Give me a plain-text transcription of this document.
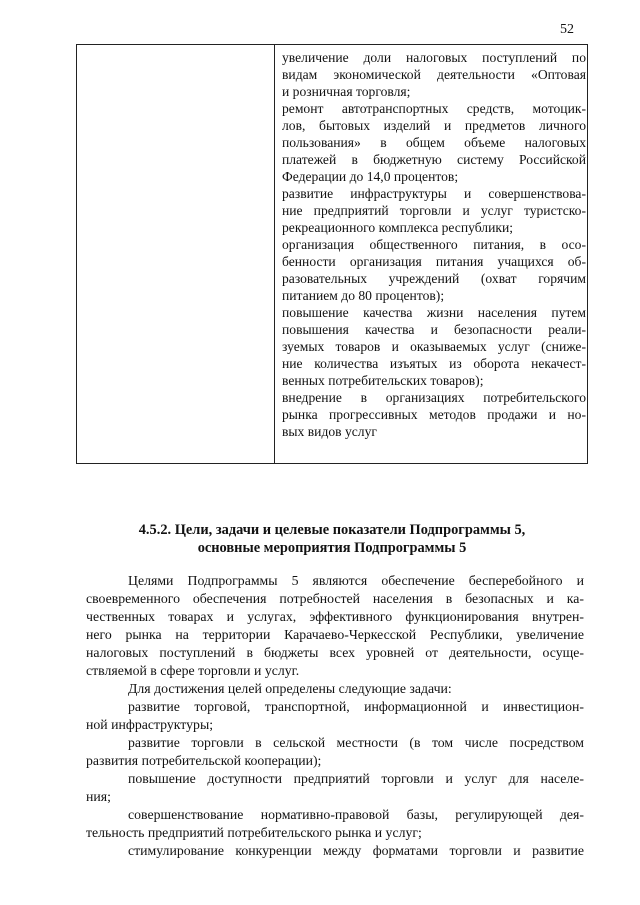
52
увеличение доли налоговых поступлений по
видам экономической деятельности «Оптовая
и розничная торговля;
ремонт автотранспортных средств, мотоцик-
лов, бытовых изделий и предметов личного
пользования» в общем объеме налоговых
платежей в бюджетную систему Российской
Федерации до 14,0 процентов;
развитие инфраструктуры и совершенствова-
ние предприятий торговли и услуг туристско-
рекреационного комплекса республики;
организация общественного питания, в осо-
бенности организация питания учащихся об-
разовательных учреждений (охват горячим
питанием до 80 процентов);
повышение качества жизни населения путем
повышения качества и безопасности реали-
зуемых товаров и оказываемых услуг (сниже-
ние количества изъятых из оборота некачест-
венных потребительских товаров);
внедрение в организациях потребительского
рынка прогрессивных методов продажи и но-
вых видов услуг
4.5.2. Цели, задачи и целевые показатели Подпрограммы 5,
основные мероприятия Подпрограммы 5
Целями Подпрограммы 5 являются обеспечение бесперебойного и
своевременного обеспечения потребностей населения в безопасных и ка-
чественных товарах и услугах, эффективного функционирования внутрен-
него рынка на территории Карачаево-Черкесской Республики, увеличение
налоговых поступлений в бюджеты всех уровней от деятельности, осуще-
ствляемой в сфере торговли и услуг.
Для достижения целей определены следующие задачи:
развитие торговой, транспортной, информационной и инвестицион-
ной инфраструктуры;
развитие торговли в сельской местности (в том числе посредством
развития потребительской кооперации);
повышение доступности предприятий торговли и услуг для населе-
ния;
совершенствование нормативно-правовой базы, регулирующей дея-
тельность предприятий потребительского рынка и услуг;
стимулирование конкуренции между форматами торговли и развитие
